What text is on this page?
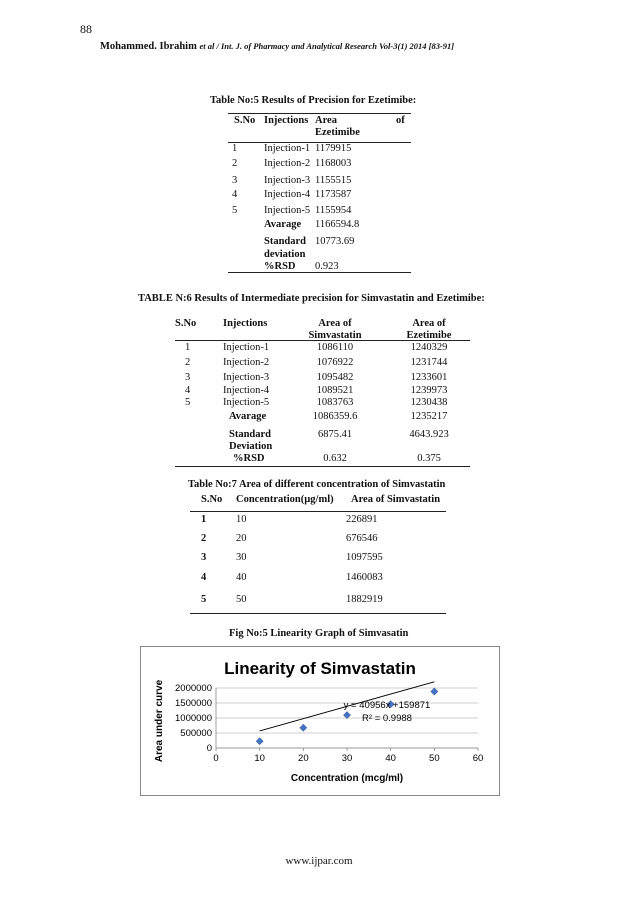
88
Mohammed. Ibrahim et al / Int. J. of Pharmacy and Analytical Research Vol-3(1) 2014 [83-91]
Table No:5 Results of Precision for Ezetimibe:
S.No Injections Area	of
Ezetimibe
1	Injection-1 1179915
2	Injection-2 1168003
3	Injection-3 1155515
4	Injection-4 1173587
5	Injection-5 1155954
Avarage 1166594.8
Standard
deviation
10773.69
%RSD 0.923
TABLE N:6 Results of Intermediate precision for Simvastatin and Ezetimibe:
S.No	Injections	Area of
Simvastatin
Area of
Ezetimibe
1	Injection-1	1086110	1240329
2	Injection-2	1076922	1231744
3	Injection-3	1095482	1233601
4	Injection-4	1089521	1239973
5	Injection-5	1083763	1230438
Avarage	1086359.6	1235217
Standard
Deviation
6875.41	4643.923
%RSD	0.632	0.375
Table No:7 Area of different concentration of Simvastatin
S.No Concentration(µg/ml) Area of Simvastatin
1	10	226891
2	20	676546
3	30	1097595
4	40	1460083
5	50	1882919
Fig No:5 Linearity Graph of Simvasatin
Linearity of Simvastatin
0
500000
1000000
1500000
2000000
0	10	20	30	40	50	60
y = 40956x +159871
R² = 0.9988
Concentration (mcg/ml)
Area under curve
www.ijpar.com
